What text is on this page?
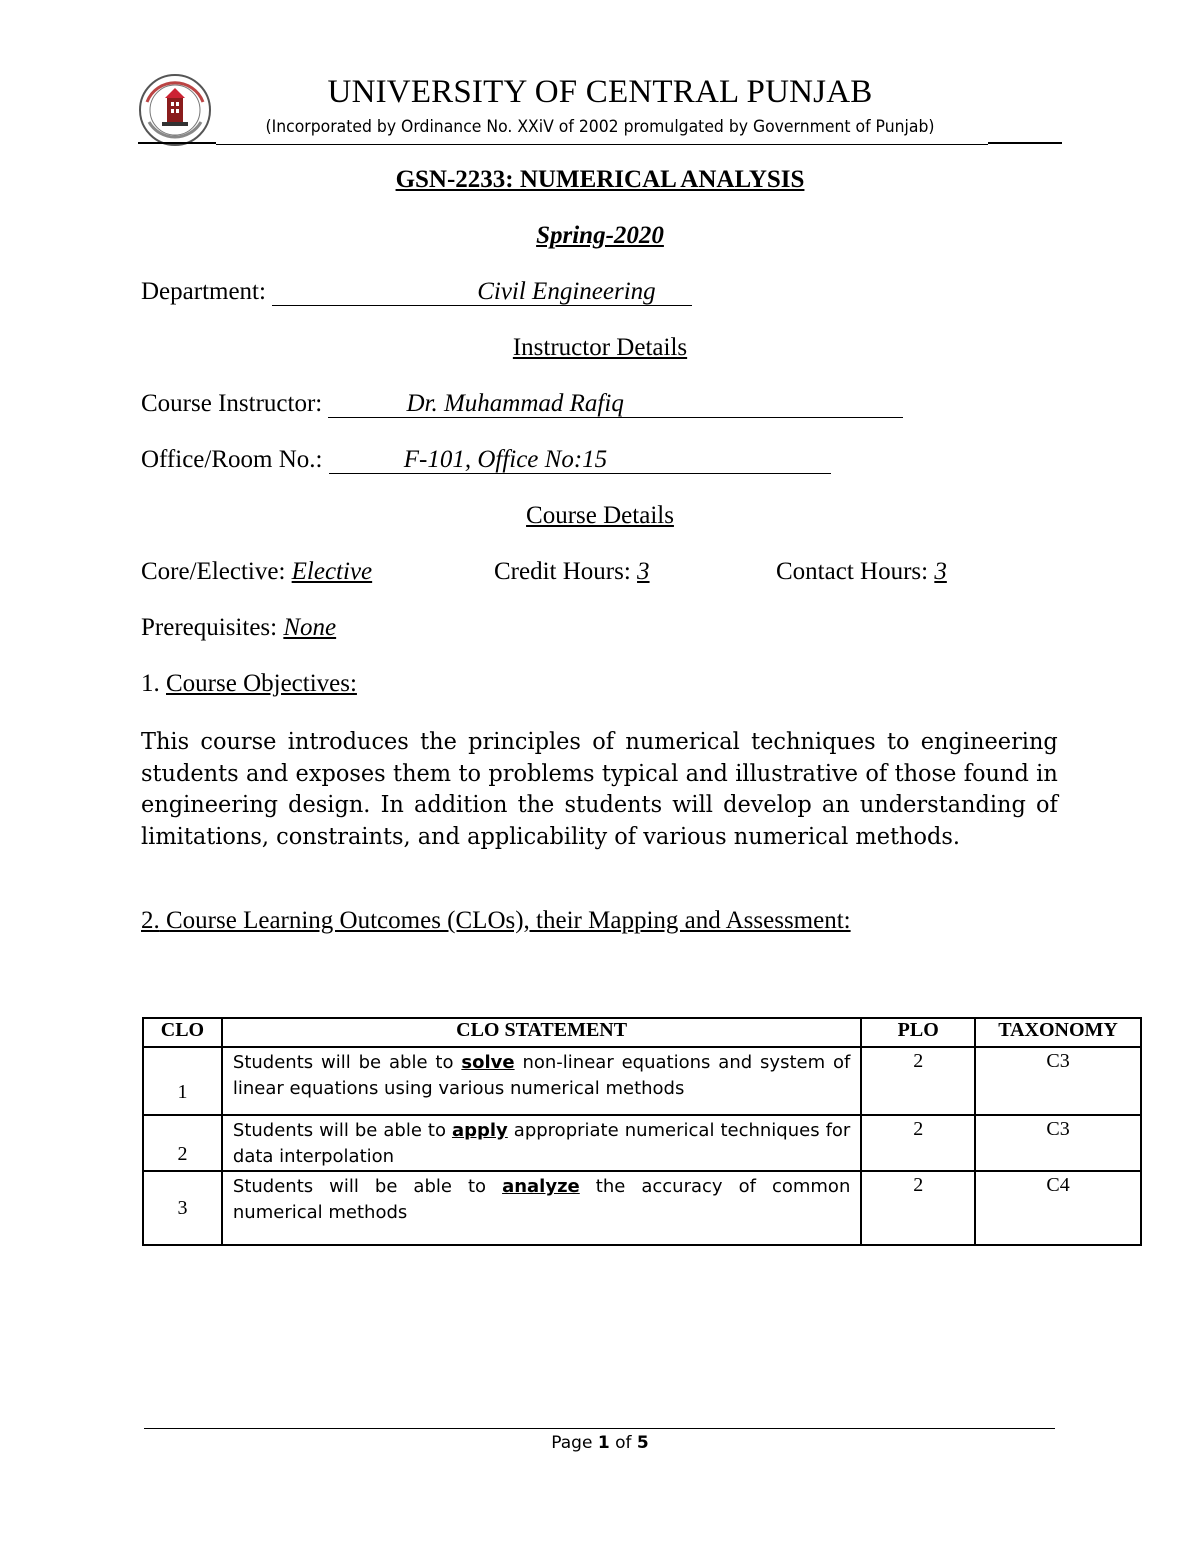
UNIVERSITY OF CENTRAL PUNJAB
(Incorporated by Ordinance No. XXiV of 2002 promulgated by Government of Punjab)
GSN-2233: NUMERICAL ANALYSIS
Spring-2020
Department:	Civil Engineering
Instructor Details
Course Instructor:	Dr. Muhammad Rafiq
Office/Room No.:	F-101, Office No:15
Course Details
Core/Elective: Elective	Credit Hours: 3	Contact Hours: 3
Prerequisites: None
1. Course Objectives:
This course introduces the principles of numerical techniques to engineering students and exposes them to problems typical and illustrative of those found in engineering design. In addition the students will develop an understanding of limitations, constraints, and applicability of various numerical methods.
2. Course Learning Outcomes (CLOs), their Mapping and Assessment:
CLO	CLO STATEMENT	PLO	TAXONOMY
1	Students will be able to solve non-linear equations and system of linear equations using various numerical methods	2	C3
2	Students will be able to apply appropriate numerical techniques for data interpolation	2	C3
3	Students will be able to analyze the accuracy of common numerical methods	2	C4
Page 1 of 5
